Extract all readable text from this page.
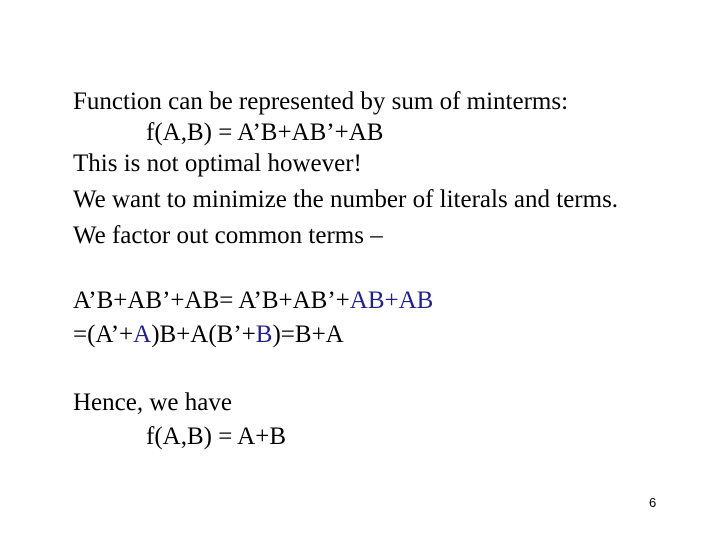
Function can be represented by sum of minterms:
f(A,B) = A’B+AB’+AB
This is not optimal however!
We want to minimize the number of literals and terms.
We factor out common terms –
A’B+AB’+AB= A’B+AB’+AB+AB
=(A’+A)B+A(B’+B)=B+A
Hence, we have
f(A,B) = A+B
6
